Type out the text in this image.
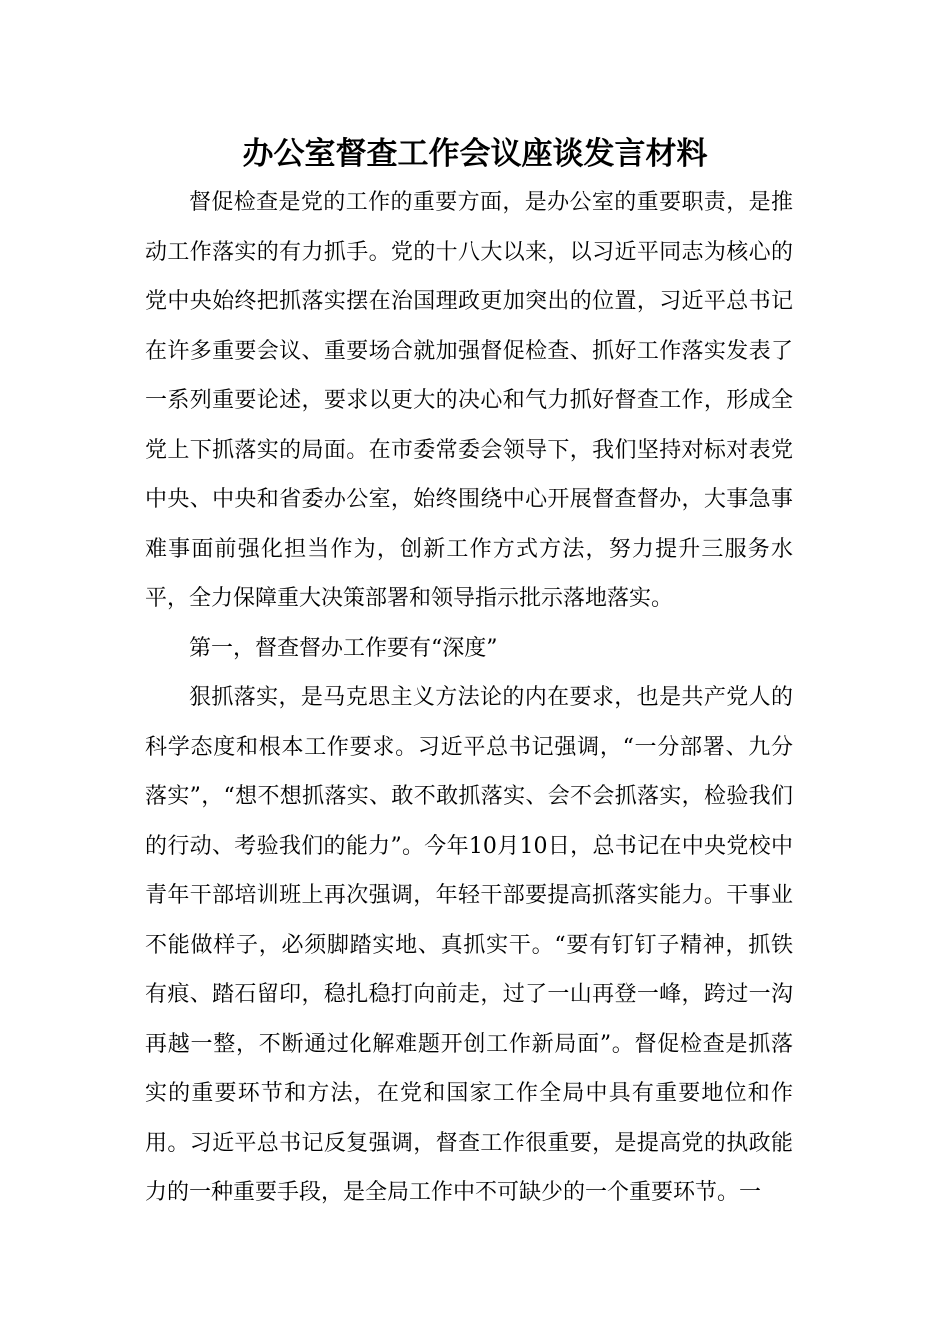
办公室督查工作会议座谈发言材料

督促检查是党的工作的重要方面，是办公室的重要职责，是推动工作落实的有力抓手。党的十八大以来，以习近平同志为核心的党中央始终把抓落实摆在治国理政更加突出的位置，习近平总书记在许多重要会议、重要场合就加强督促检查、抓好工作落实发表了一系列重要论述，要求以更大的决心和气力抓好督查工作，形成全党上下抓落实的局面。在市委常委会领导下，我们坚持对标对表党中央、中央和省委办公室，始终围绕中心开展督查督办，大事急事难事面前强化担当作为，创新工作方式方法，努力提升三服务水平，全力保障重大决策部署和领导指示批示落地落实。

第一，督查督办工作要有“深度”

狠抓落实，是马克思主义方法论的内在要求，也是共产党人的科学态度和根本工作要求。习近平总书记强调，“一分部署、九分落实”，“想不想抓落实、敢不敢抓落实、会不会抓落实，检验我们的行动、考验我们的能力”。今年10月10日，总书记在中央党校中青年干部培训班上再次强调，年轻干部要提高抓落实能力。干事业不能做样子，必须脚踏实地、真抓实干。“要有钉钉子精神，抓铁有痕、踏石留印，稳扎稳打向前走，过了一山再登一峰，跨过一沟再越一整，不断通过化解难题开创工作新局面”。督促检查是抓落实的重要环节和方法，在党和国家工作全局中具有重要地位和作用。习近平总书记反复强调，督查工作很重要，是提高党的执政能力的一种重要手段，是全局工作中不可缺少的一个重要环节。一
